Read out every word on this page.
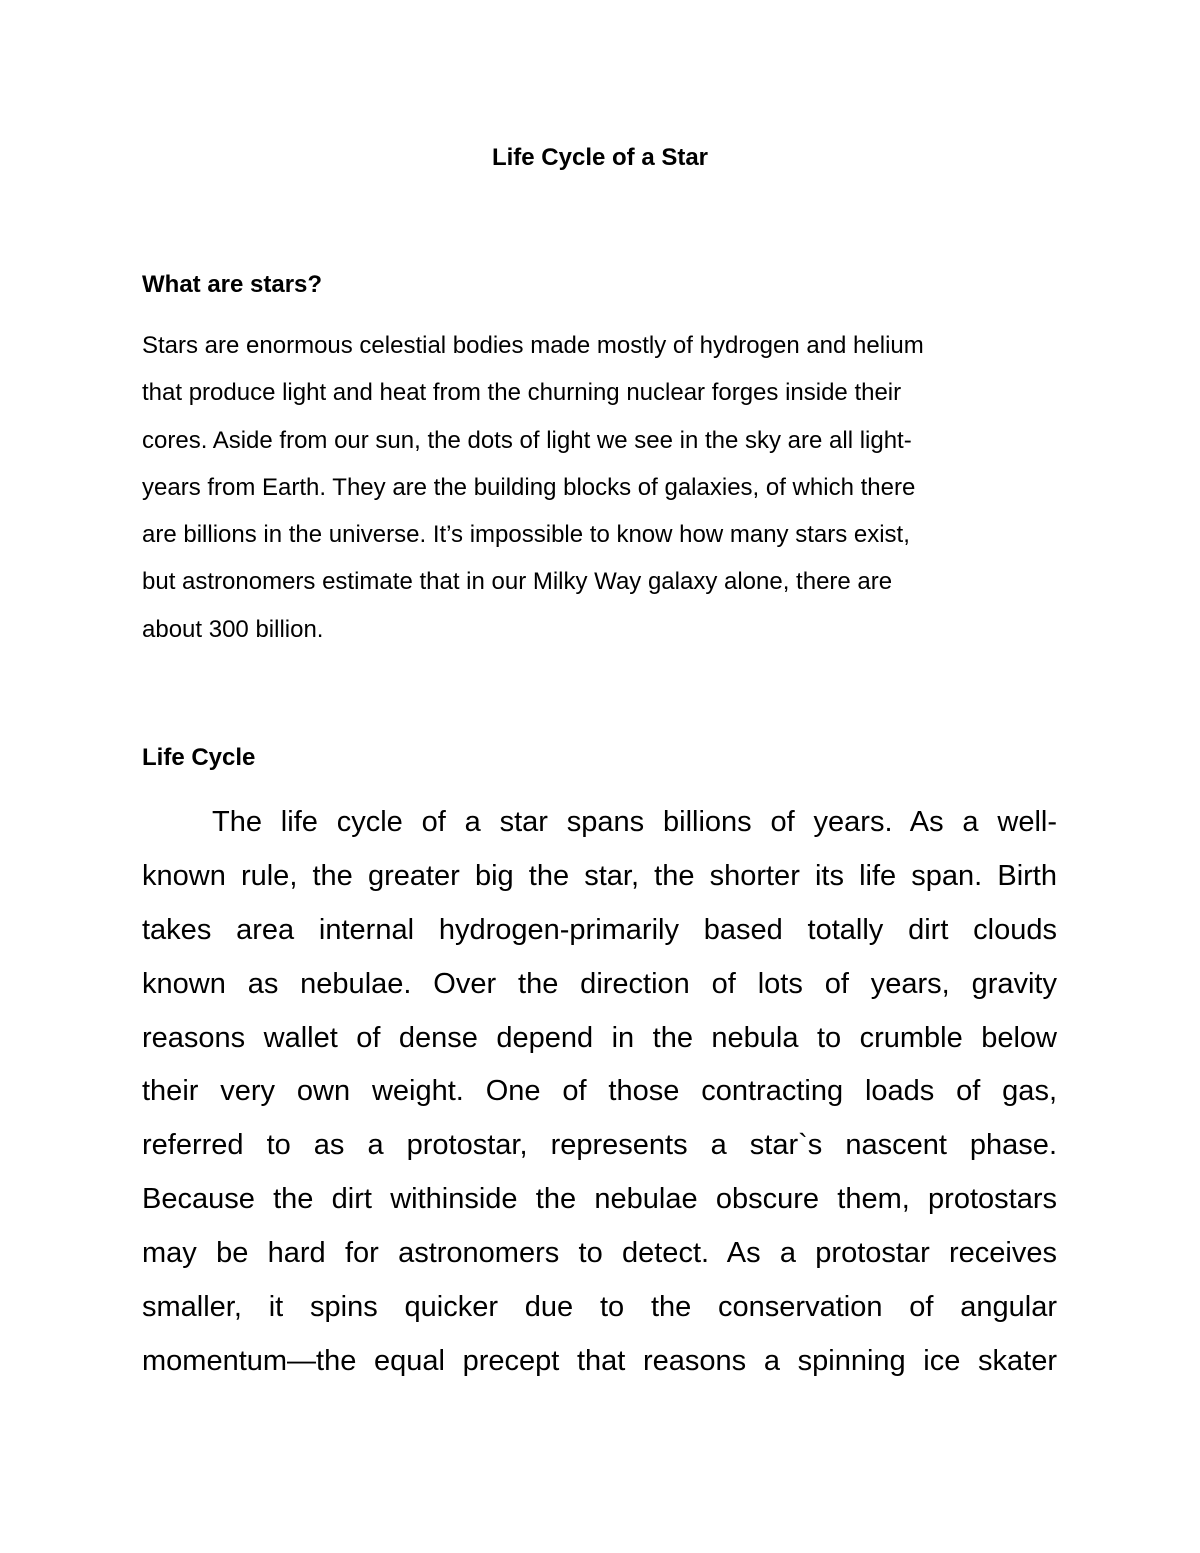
Life Cycle of a Star
What are stars?
Stars are enormous celestial bodies made mostly of hydrogen and helium
that produce light and heat from the churning nuclear forges inside their
cores. Aside from our sun, the dots of light we see in the sky are all light-
years from Earth. They are the building blocks of galaxies, of which there
are billions in the universe. It’s impossible to know how many stars exist,
but astronomers estimate that in our Milky Way galaxy alone, there are
about 300 billion.
Life Cycle
The life cycle of a star spans billions of years. As a well-
known rule, the greater big the star, the shorter its life span. Birth
takes area internal hydrogen-primarily based totally dirt clouds
known as nebulae. Over the direction of lots of years, gravity
reasons wallet of dense depend in the nebula to crumble below
their very own weight. One of those contracting loads of gas,
referred to as a protostar, represents a star`s nascent phase.
Because the dirt withinside the nebulae obscure them, protostars
may be hard for astronomers to detect. As a protostar receives
smaller, it spins quicker due to the conservation of angular
momentum—the equal precept that reasons a spinning ice skater
